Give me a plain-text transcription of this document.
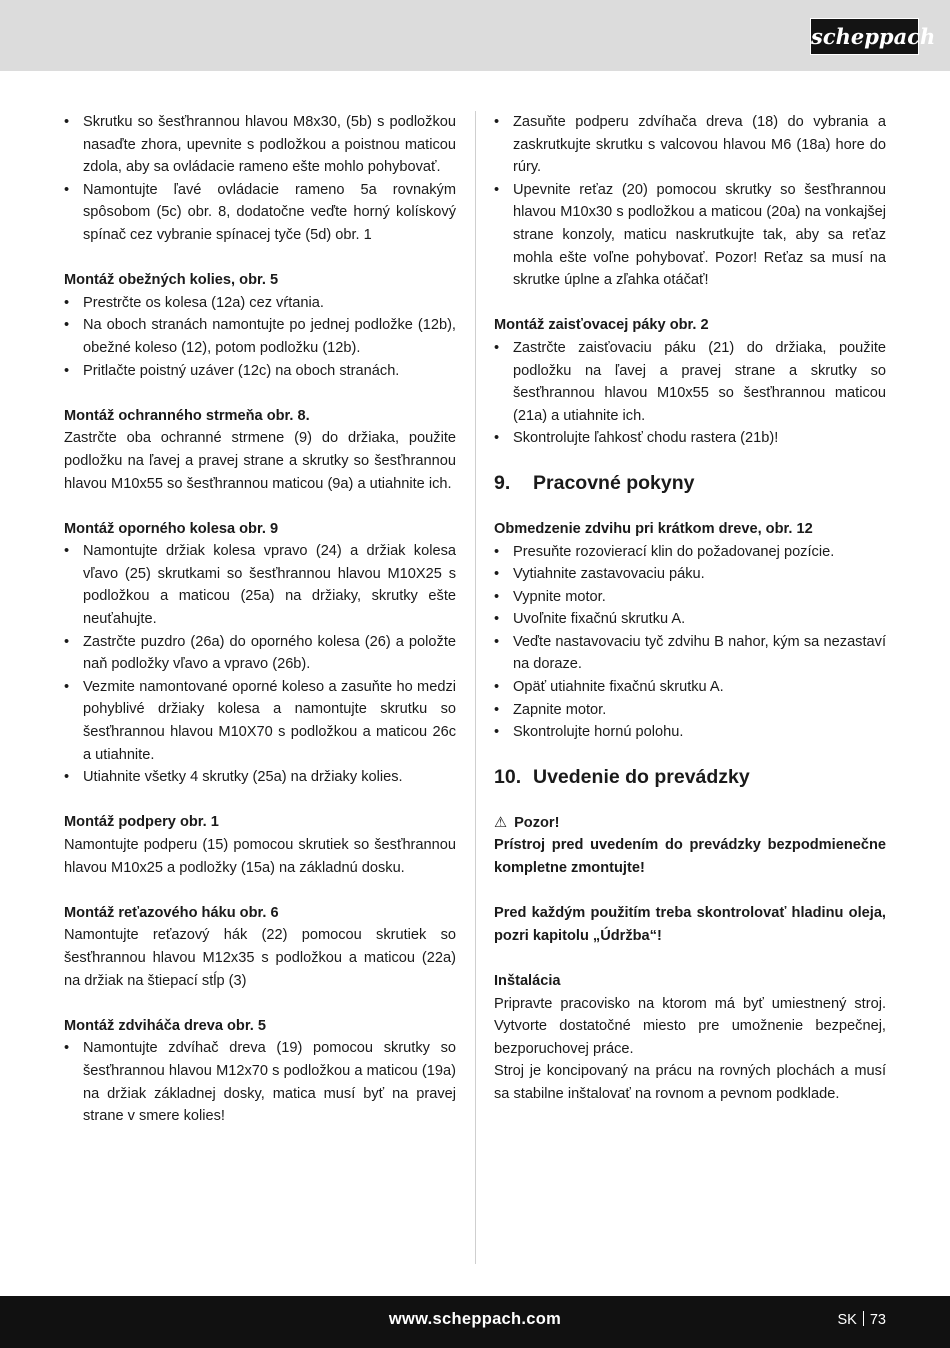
scheppach
• Skrutku so šesťhrannou hlavou M8x30, (5b) s podložkou nasaďte zhora, upevnite s podložkou a poistnou maticou zdola, aby sa ovládacie rameno ešte mohlo pohybovať.
• Namontujte ľavé ovládacie rameno 5a rovnakým spôsobom (5c) obr. 8, dodatočne veďte horný kolískový spínač cez vybranie spínacej tyče (5d) obr. 1
Montáž obežných kolies, obr. 5
• Prestrčte os kolesa (12a) cez vŕtania.
• Na oboch stranách namontujte po jednej podložke (12b), obežné koleso (12), potom podložku (12b).
• Pritlačte poistný uzáver (12c) na oboch stranách.
Montáž ochranného strmeňa obr. 8.

Zastrčte oba ochranné strmene (9) do držiaka, použite podložku na ľavej a pravej strane a skrutky so šesťhrannou hlavou M10x55 so šesťhrannou maticou (9a) a utiahnite ich.

Montáž oporného kolesa obr. 9
• Namontujte držiak kolesa vpravo (24) a držiak kolesa vľavo (25) skrutkami so šesťhrannou hlavou M10X25 s podložkou a maticou (25a) na držiaky, skrutky ešte neuťahujte.
• Zastrčte puzdro (26a) do oporného kolesa (26) a položte naň podložky vľavo a vpravo (26b).
• Vezmite namontované oporné koleso a zasuňte ho medzi pohyblivé držiaky kolesa a namontujte skrutku so šesťhrannou hlavou M10X70 s podložkou a maticou 26c a utiahnite.
• Utiahnite všetky 4 skrutky (25a) na držiaky kolies.
Montáž podpery obr. 1

Namontujte podperu (15) pomocou skrutiek so šesťhrannou hlavou M10x25 a podložky (15a) na základnú dosku.

Montáž reťazového háku obr. 6

Namontujte reťazový hák (22) pomocou skrutiek so šesťhrannou hlavou M12x35 s podložkou a maticou (22a) na držiak na štiepací stĺp (3)

Montáž zdviháča dreva obr. 5
• Namontujte zdvíhač dreva (19) pomocou skrutky so šesťhrannou hlavou M12x70 s podložkou a maticou (19a) na držiak základnej dosky, matica musí byť na pravej strane v smere kolies!
• Zasuňte podperu zdvíhača dreva (18) do vybrania a zaskrutkujte skrutku s valcovou hlavou M6 (18a) hore do rúry.
• Upevnite reťaz (20) pomocou skrutky so šesťhrannou hlavou M10x30 s podložkou a maticou (20a) na vonkajšej strane konzoly, maticu naskrutkujte tak, aby sa reťaz mohla ešte voľne pohybovať. Pozor! Reťaz sa musí na skrutke úplne a zľahka otáčať!
Montáž zaisťovacej páky obr. 2
• Zastrčte zaisťovaciu páku (21) do držiaka, použite podložku na ľavej a pravej strane a skrutky so šesťhrannou hlavou M10x55 so šesťhrannou maticou (21a) a utiahnite ich.
• Skontrolujte ľahkosť chodu rastera (21b)!
9.	Pracovné pokyny
Obmedzenie zdvihu pri krátkom dreve, obr. 12
• Presuňte rozovierací klin do požadovanej pozície.
• Vytiahnite zastavovaciu páku.
• Vypnite motor.
• Uvoľnite fixačnú skrutku A.
• Veďte nastavovaciu tyč zdvihu B nahor, kým sa nezastaví na doraze.
• Opäť utiahnite fixačnú skrutku A.
• Zapnite motor.
• Skontrolujte hornú polohu.
10. Uvedenie do prevádzky
⚠ Pozor!

Prístroj pred uvedením do prevádzky bezpodmienečne kompletne zmontujte!

Pred každým použitím treba skontrolovať hladinu oleja, pozri kapitolu „Údržba“!

Inštalácia

Pripravte pracovisko na ktorom má byť umiestnený stroj. Vytvorte dostatočné miesto pre umožnenie bezpečnej, bezporuchovej práce.

Stroj je koncipovaný na prácu na rovných plochách a musí sa stabilne inštalovať na rovnom a pevnom podklade.

www.scheppach.com	SK 73
